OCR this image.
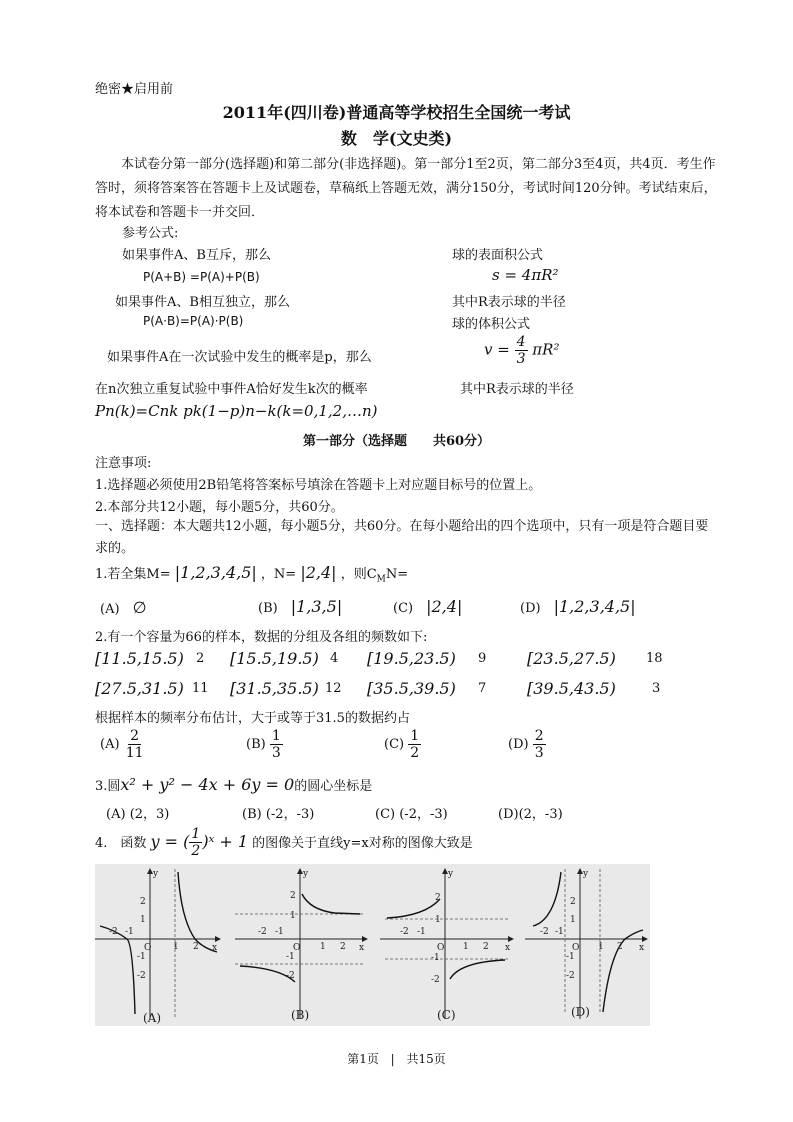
绝密★启用前
2011年(四川卷)普通高等学校招生全国统一考试
数　学(文史类)
本试卷分第一部分(选择题)和第二部分(非选择题)。第一部分1至2页，第二部分3至4页，共4页．考生作答时，须将答案答在答题卡上及试题卷，草稿纸上答题无效，满分150分，考试时间120分钟。考试结束后，将本试卷和答题卡一并交回．
参考公式:
如果事件A、B互斥，那么
P(A+B) =P(A)+P(B)
如果事件A、B相互独立，那么
P(A·B)=P(A)·P(B)
如果事件A在一次试验中发生的概率是p，那么
在n次独立重复试验中事件A恰好发生k次的概率
Pn(k)=Cnk pk(1−p)n−k(k=0,1,2,…n)
球的表面积公式
s = 4πR²
其中R表示球的半径
球的体积公式
$v = \frac{4}{3} \pi R^2$
其中R表示球的半径
第一部分（选择题　　共60分）
注意事项:
1.选择题必须使用2B铅笔将答案标号填涂在答题卡上对应题目标号的位置上。
2.本部分共12小题，每小题5分，共60分。
一、选择题：本大题共12小题，每小题5分，共60分。在每小题给出的四个选项中，只有一项是符合题目要求的。
1.若全集M= |1,2,3,4,5| ，N= |2,4| ，则$C_MN=$
(A)　 ∅	(B)　 |1,3,5|	(C)　 |2,4|	(D)　 |1,2,3,4,5|
2.有一个容量为66的样本，数据的分组及各组的频数如下:
[11.5,15.5) 2 [15.5,19.5) 4 [19.5,23.5) 9	[23.5,27.5) 18
[27.5,31.5) 11 [31.5,35.5) 12 [35.5,39.5) 7	[39.5,43.5)	3
根据样本的频率分布估计，大于或等于31.5的数据约占
$(A) \frac{2}{11}$	$(B) \frac{1}{3}$	$(C) \frac{1}{2}$	$(D) \frac{2}{3}$
3.圆x² + y² − 4x + 6y = 0的圆心坐标是
(A) (2，3)	(B) (-2，-3)	(C) (-2，-3)	(D)(2，-3)
4.　函数 y = ( $\frac{1}{2}$ )ˣ + 1 的图像关于直线y=x对称的图像大致是
y
x
O 1 2
-2 -1
2
1
-1
-2
(A)
y
x
O 1 2
-2 -1
2
1
-1
-2
(B)
y
x
O 1 2
-2 -1
2
1
-1
-2
(C)
y
x
O 1 2
-2 -1
2
1
-1
-2
(D)
第1页 | 共15页
